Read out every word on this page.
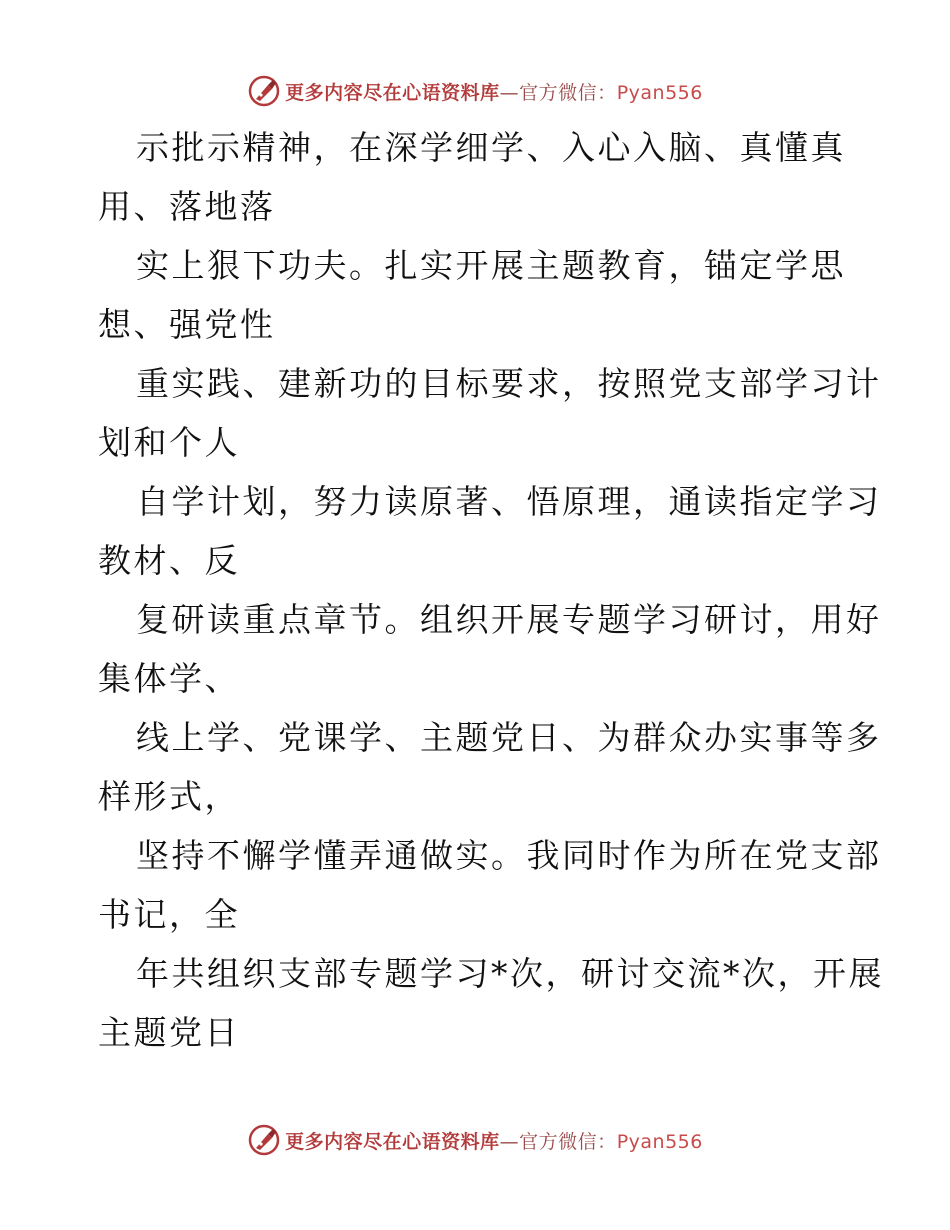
更多内容尽在心语资料库—官方微信：Pyan556

示批示精神，在深学细学、入心入脑、真懂真
用、落地落

实上狠下功夫。扎实开展主题教育，锚定学思
想、强党性

重实践、建新功的目标要求，按照党支部学习计
划和个人

自学计划，努力读原著、悟原理，通读指定学习
教材、反

复研读重点章节。组织开展专题学习研讨，用好
集体学、

线上学、党课学、主题党日、为群众办实事等多
样形式，

坚持不懈学懂弄通做实。我同时作为所在党支部
书记，全

年共组织支部专题学习*次，研讨交流*次，开展
主题党日

更多内容尽在心语资料库—官方微信：Pyan556
